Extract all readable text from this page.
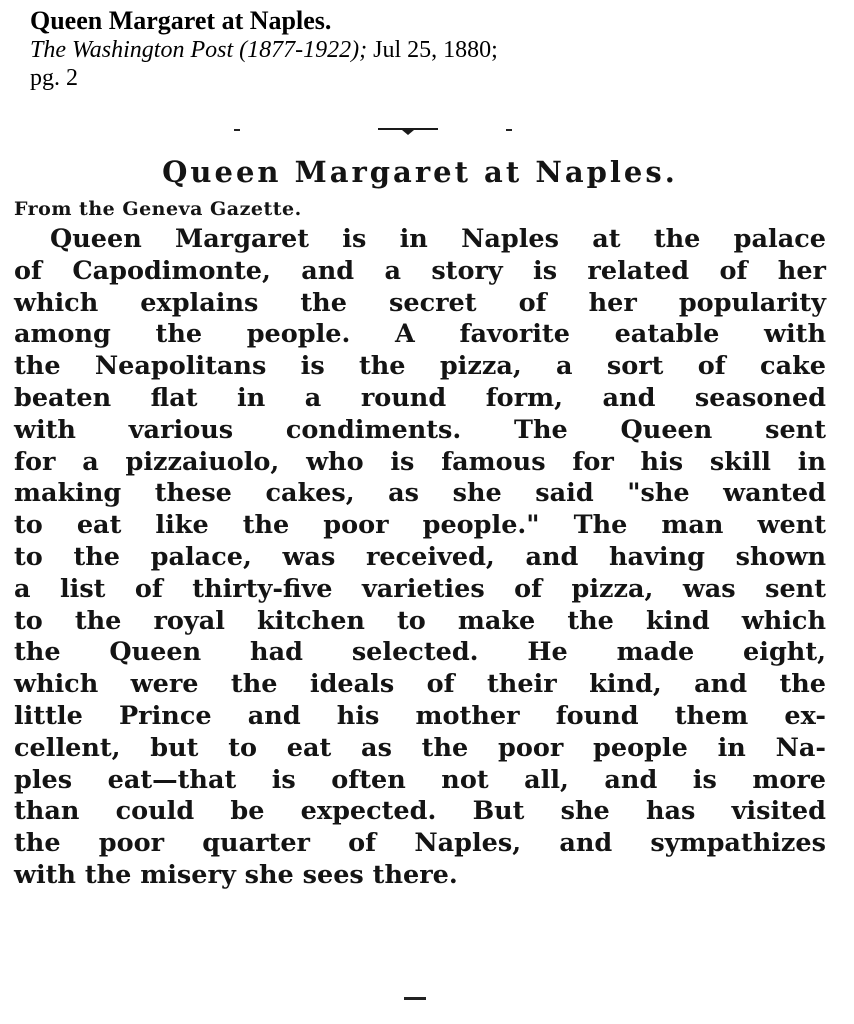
Queen Margaret at Naples.

The Washington Post (1877-1922); Jul 25, 1880;

pg. 2

Queen Margaret at Naples.

From the Geneva Gazette.

Queen Margaret is in Naples at the palace
of Capodimonte, and a story is related of her
which explains the secret of her popularity
among the people. A favorite eatable with
the Neapolitans is the pizza, a sort of cake
beaten flat in a round form, and seasoned
with various condiments. The Queen sent
for a pizzaiuolo, who is famous for his skill in
making these cakes, as she said "she wanted
to eat like the poor people." The man went
to the palace, was received, and having shown
a list of thirty-five varieties of pizza, was sent
to the royal kitchen to make the kind which
the Queen had selected. He made eight,
which were the ideals of their kind, and the
little Prince and his mother found them ex-
cellent, but to eat as the poor people in Na-
ples eat—that is often not all, and is more
than could be expected. But she has visited
the poor quarter of Naples, and sympathizes
with the misery she sees there.
